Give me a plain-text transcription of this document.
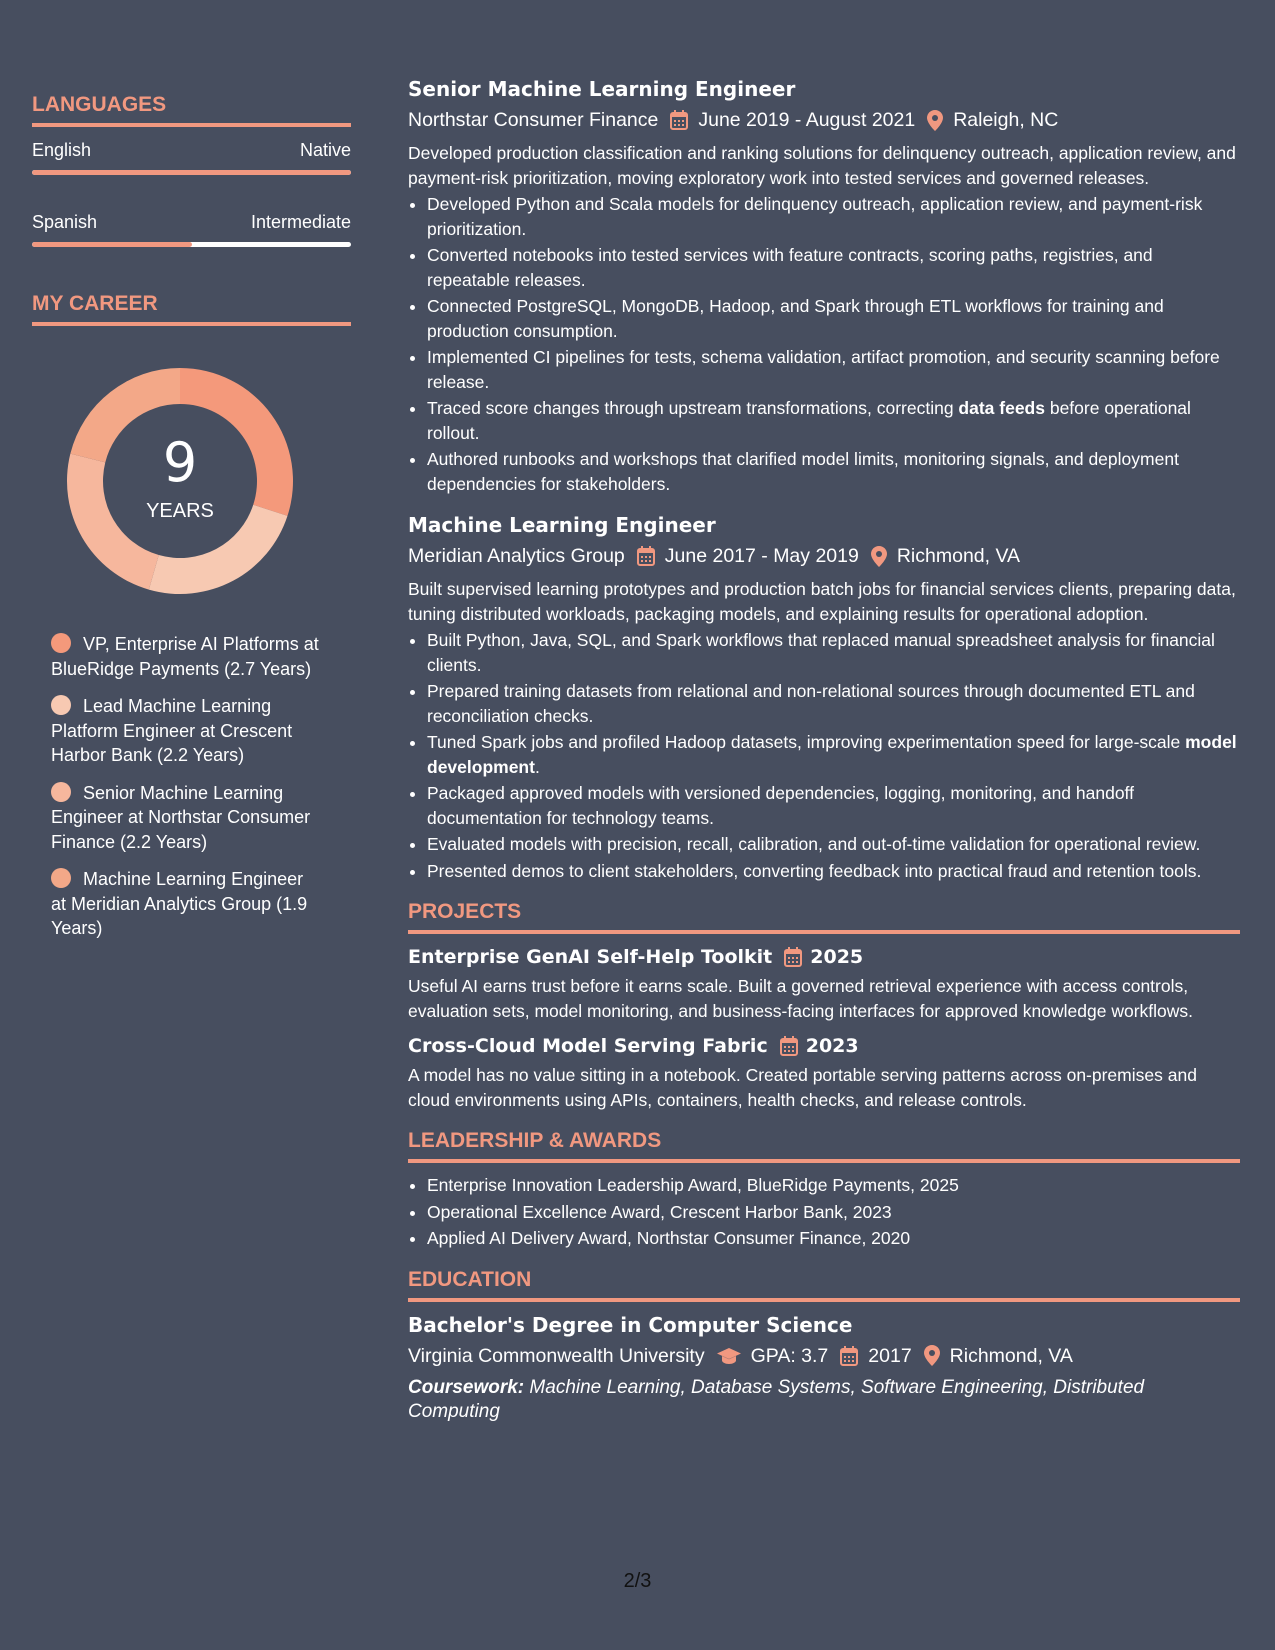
LANGUAGES
English	Native
Spanish	Intermediate
MY CAREER
9
YEARS
VP, Enterprise AI Platforms at BlueRidge Payments (2.7 Years)
Lead Machine Learning Platform Engineer at Crescent Harbor Bank (2.2 Years)
Senior Machine Learning Engineer at Northstar Consumer Finance (2.2 Years)
Machine Learning Engineer at Meridian Analytics Group (1.9 Years)
Senior Machine Learning Engineer
Northstar Consumer Finance June 2019 - August 2021 Raleigh, NC

Developed production classification and ranking solutions for delinquency outreach, application review, and payment-risk prioritization, moving exploratory work into tested services and governed releases.

• Developed Python and Scala models for delinquency outreach, application review, and payment-risk prioritization.
• Converted notebooks into tested services with feature contracts, scoring paths, registries, and repeatable releases.
• Connected PostgreSQL, MongoDB, Hadoop, and Spark through ETL workflows for training and production consumption.
• Implemented CI pipelines for tests, schema validation, artifact promotion, and security scanning before release.
• Traced score changes through upstream transformations, correcting data feeds before operational rollout.
• Authored runbooks and workshops that clarified model limits, monitoring signals, and deployment dependencies for stakeholders.
Machine Learning Engineer
Meridian Analytics Group June 2017 - May 2019 Richmond, VA

Built supervised learning prototypes and production batch jobs for financial services clients, preparing data, tuning distributed workloads, packaging models, and explaining results for operational adoption.

• Built Python, Java, SQL, and Spark workflows that replaced manual spreadsheet analysis for financial clients.
• Prepared training datasets from relational and non-relational sources through documented ETL and reconciliation checks.
• Tuned Spark jobs and profiled Hadoop datasets, improving experimentation speed for large-scale model development.
• Packaged approved models with versioned dependencies, logging, monitoring, and handoff documentation for technology teams.
• Evaluated models with precision, recall, calibration, and out-of-time validation for operational review.
• Presented demos to client stakeholders, converting feedback into practical fraud and retention tools.
PROJECTS
Enterprise GenAI Self-Help Toolkit 2025

Useful AI earns trust before it earns scale. Built a governed retrieval experience with access controls, evaluation sets, model monitoring, and business-facing interfaces for approved knowledge workflows.

Cross-Cloud Model Serving Fabric 2023

A model has no value sitting in a notebook. Created portable serving patterns across on-premises and cloud environments using APIs, containers, health checks, and release controls.

LEADERSHIP & AWARDS
• Enterprise Innovation Leadership Award, BlueRidge Payments, 2025
• Operational Excellence Award, Crescent Harbor Bank, 2023
• Applied AI Delivery Award, Northstar Consumer Finance, 2020
EDUCATION
Bachelor's Degree in Computer Science
Virginia Commonwealth University GPA: 3.7 2017 Richmond, VA

Coursework: Machine Learning, Database Systems, Software Engineering, Distributed Computing

2/3
